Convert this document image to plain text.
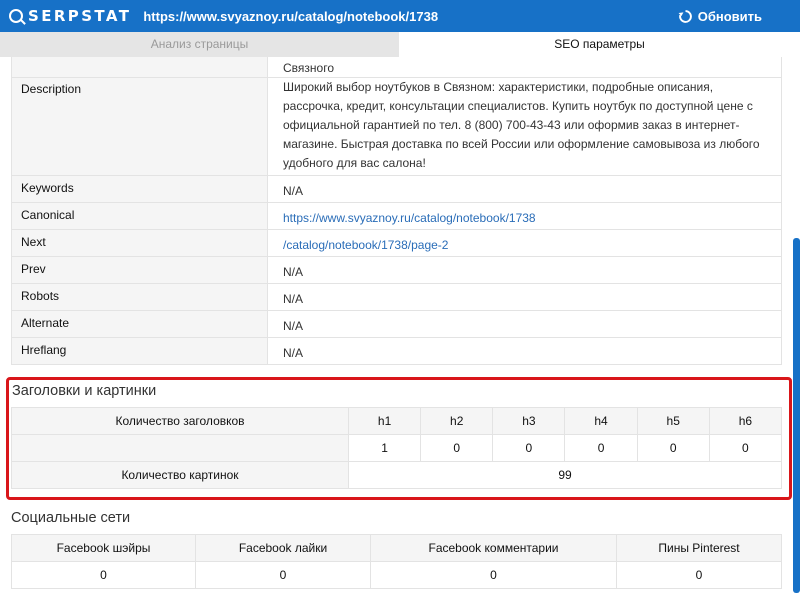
SERPSTAT https://www.svyaznoy.ru/catalog/notebook/1738	Обновить
Анализ страницы	SEO параметры
Связного
Description	Широкий выбор ноутбуков в Связном: характеристики, подробные описания, рассрочка, кредит, консультации специалистов. Купить ноутбук по доступной цене с официальной гарантией по тел. 8 (800) 700-43-43 или оформив заказ в интернет-магазине. Быстрая доставка по всей России или оформление самовывоза из любого удобного для вас салона!
Keywords	N/A
Canonical	https://www.svyaznoy.ru/catalog/notebook/1738
Next	/catalog/notebook/1738/page-2
Prev	N/A
Robots	N/A
Alternate	N/A
Hreflang	N/A
Заголовки и картинки
Количество заголовков	h1	h2	h3	h4	h5	h6
	1	0	0	0	0	0
Количество картинок	99					
Социальные сети
Facebook шэйры	Facebook лайки	Facebook комментарии	Пины Pinterest
0	0	0	0
